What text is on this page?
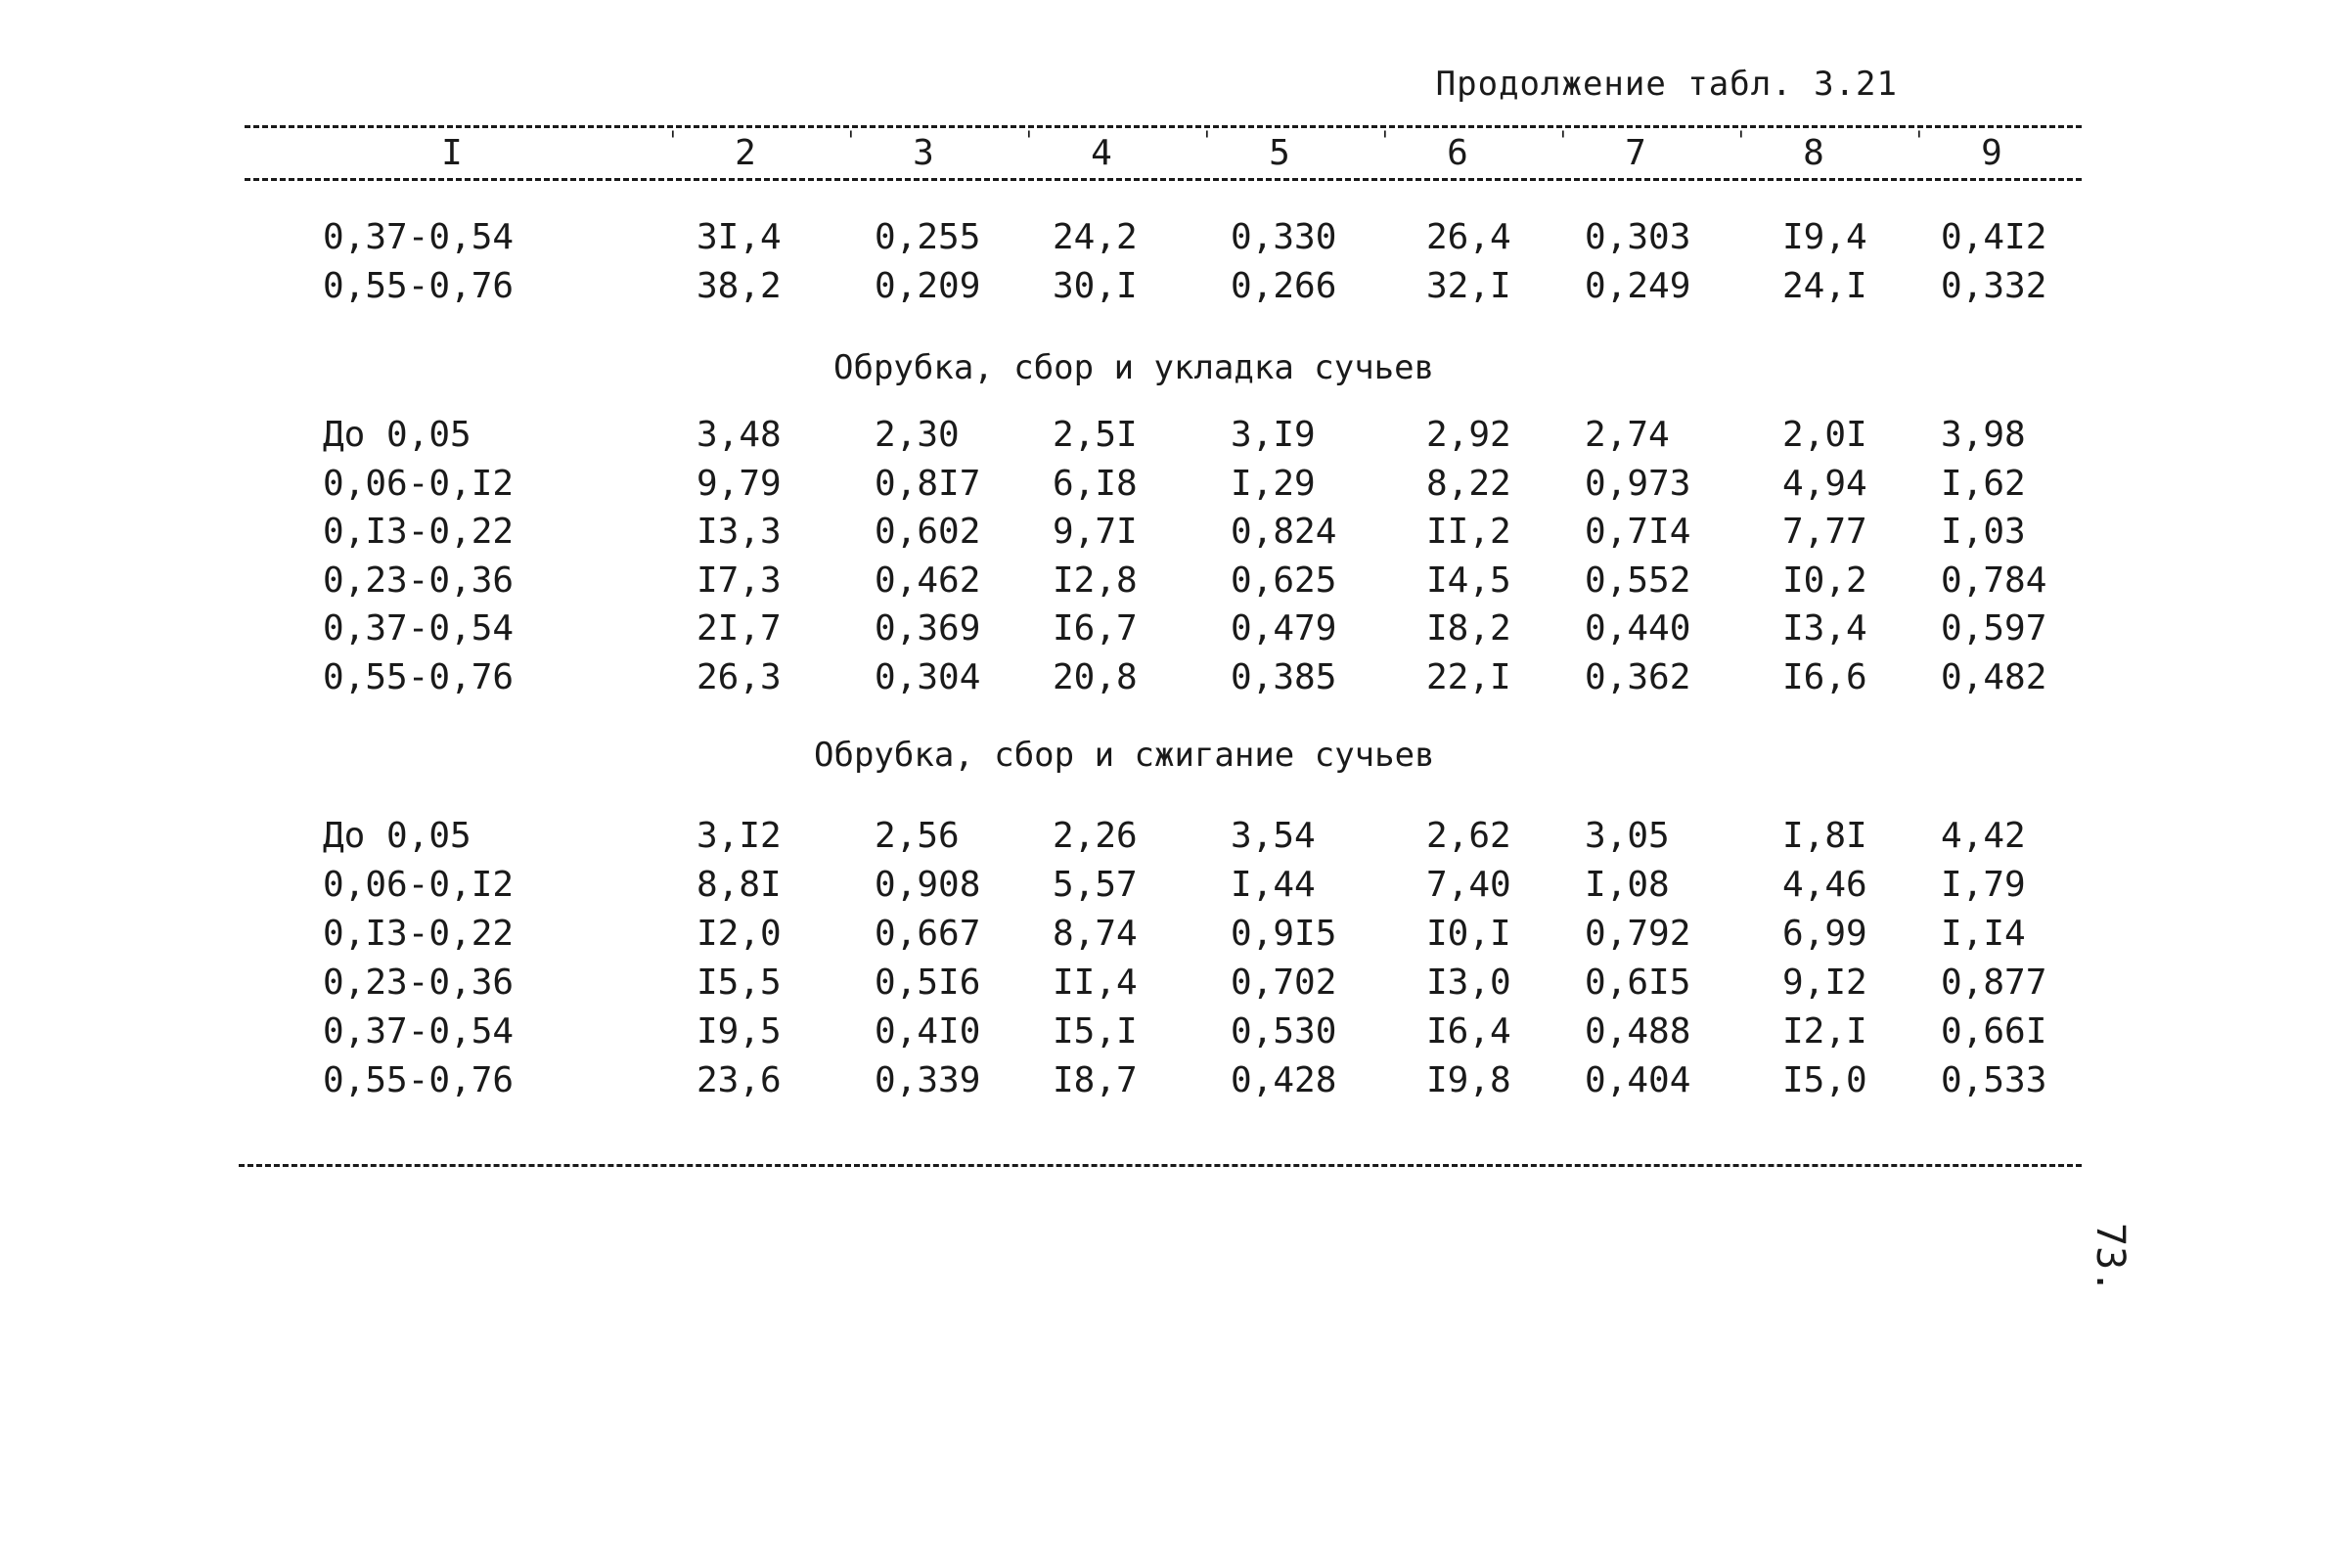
Продолжение табл. 3.21
I	ˈ	2	ˈ	3	ˈ	4	ˈ	5	ˈ	6	ˈ	7	ˈ	8	ˈ	9
0,37-0,54	3I,4	0,255 24,2	0,330	26,4 0,303	I9,4 0,4I2
0,55-0,76	38,2	0,209 30,I	0,266	32,I 0,249	24,I 0,332
Обрубка, сбор и укладка сучьев
До 0,05	3,48	2,30	2,5I	3,I9	2,92 2,74	2,0I 3,98
0,06-0,I2	9,79	0,8I7 6,I8	I,29	8,22 0,973	4,94 I,62
0,I3-0,22	I3,3	0,602 9,7I	0,824	II,2 0,7I4	7,77 I,03
0,23-0,36	I7,3	0,462 I2,8	0,625	I4,5 0,552	I0,2 0,784
0,37-0,54	2I,7	0,369 I6,7	0,479	I8,2 0,440	I3,4 0,597
0,55-0,76	26,3	0,304 20,8	0,385	22,I 0,362	I6,6 0,482
Обрубка, сбор и сжигание сучьев
До 0,05	3,I2	2,56	2,26	3,54	2,62 3,05	I,8I 4,42
0,06-0,I2	8,8I	0,908 5,57	I,44	7,40 I,08	4,46 I,79
0,I3-0,22	I2,0	0,667 8,74	0,9I5	I0,I 0,792	6,99 I,I4
0,23-0,36	I5,5	0,5I6 II,4	0,702	I3,0 0,6I5	9,I2 0,877
0,37-0,54	I9,5	0,4I0 I5,I	0,530	I6,4 0,488	I2,I 0,66I
0,55-0,76	23,6	0,339 I8,7	0,428	I9,8 0,404	I5,0 0,533
73.
